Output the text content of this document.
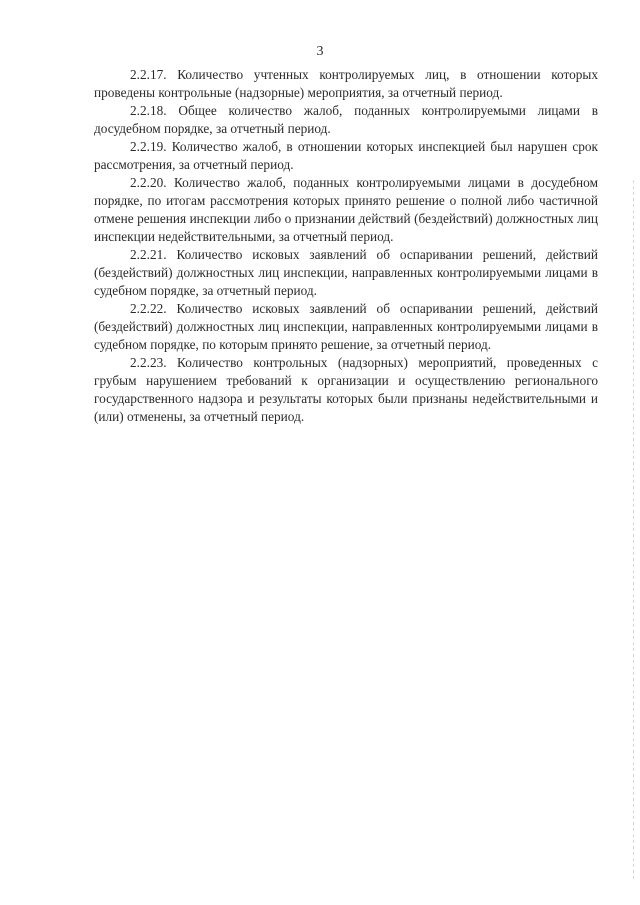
3

2.2.17. Количество учтенных контролируемых лиц, в отношении которых проведены контрольные (надзорные) мероприятия, за отчетный период.

2.2.18. Общее количество жалоб, поданных контролируемыми лицами в досудебном порядке, за отчетный период.

2.2.19. Количество жалоб, в отношении которых инспекцией был нарушен срок рассмотрения, за отчетный период.

2.2.20. Количество жалоб, поданных контролируемыми лицами в досудебном порядке, по итогам рассмотрения которых принято решение о полной либо частичной отмене решения инспекции либо о признании действий (бездействий) должностных лиц инспекции недействительными, за отчетный период.

2.2.21. Количество исковых заявлений об оспаривании решений, действий (бездействий) должностных лиц инспекции, направленных контролируемыми лицами в судебном порядке, за отчетный период.

2.2.22. Количество исковых заявлений об оспаривании решений, действий (бездействий) должностных лиц инспекции, направленных контролируемыми лицами в судебном порядке, по которым принято решение, за отчетный период.

2.2.23. Количество контрольных (надзорных) мероприятий, проведенных с грубым нарушением требований к организации и осуществлению регионального государственного надзора и результаты которых были признаны недействительными и (или) отменены, за отчетный период.
